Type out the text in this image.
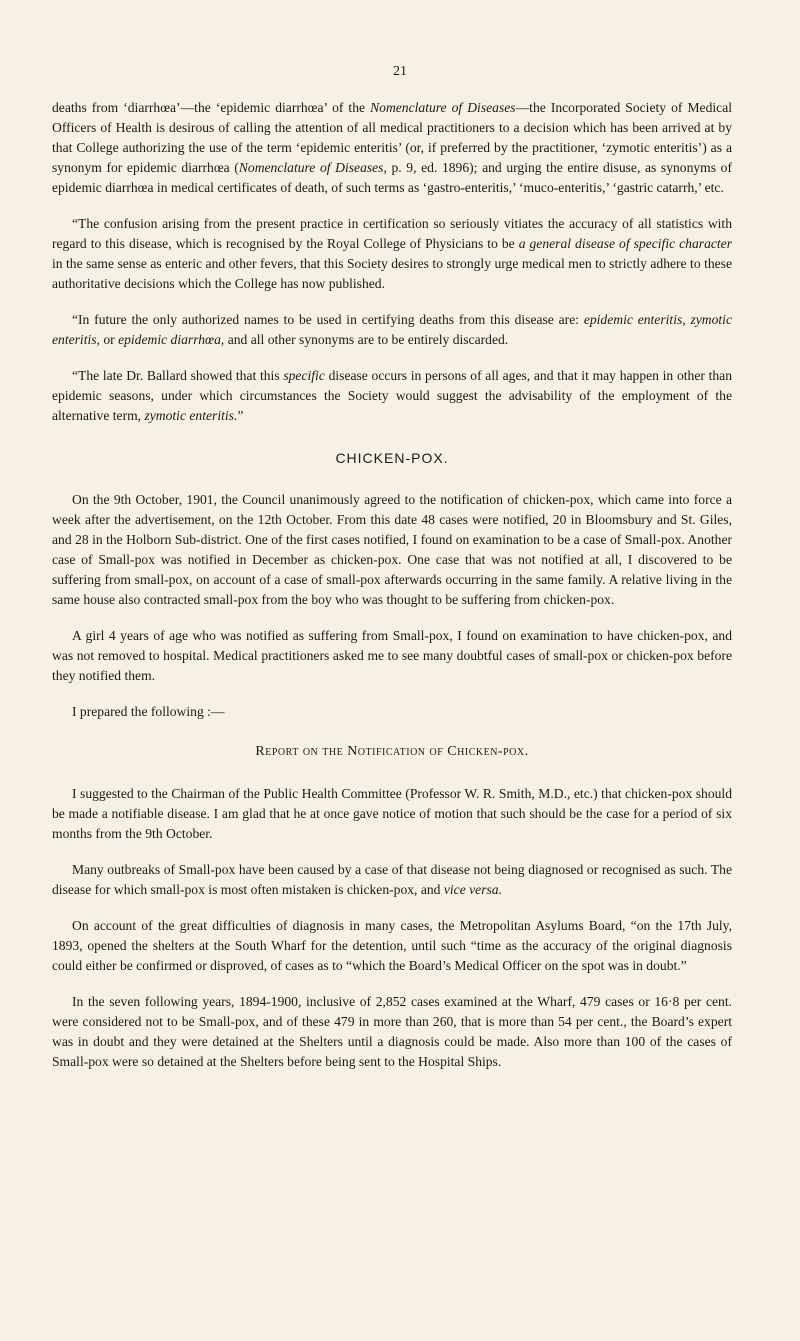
21

deaths from ‘diarrhœa’—the ‘epidemic diarrhœa’ of the Nomenclature of Diseases—the Incorporated Society of Medical Officers of Health is desirous of calling the attention of all medical practitioners to a decision which has been arrived at by that College authorizing the use of the term ‘epidemic enteritis’ (or, if preferred by the practitioner, ‘zymotic enteritis’) as a synonym for epidemic diarrhœa (Nomenclature of Diseases, p. 9, ed. 1896); and urging the entire disuse, as synonyms of epidemic diarrhœa in medical certificates of death, of such terms as ‘gastro-enteritis,’ ‘muco-enteritis,’ ‘gastric catarrh,’ etc.

“The confusion arising from the present practice in certification so seriously vitiates the accuracy of all statistics with regard to this disease, which is recognised by the Royal College of Physicians to be a general disease of specific character in the same sense as enteric and other fevers, that this Society desires to strongly urge medical men to strictly adhere to these authoritative decisions which the College has now published.

“In future the only authorized names to be used in certifying deaths from this disease are: epidemic enteritis, zymotic enteritis, or epidemic diarrhœa, and all other synonyms are to be entirely discarded.

“The late Dr. Ballard showed that this specific disease occurs in persons of all ages, and that it may happen in other than epidemic seasons, under which circumstances the Society would suggest the advisability of the employment of the alternative term, zymotic enteritis.”

CHICKEN-POX.

On the 9th October, 1901, the Council unanimously agreed to the notification of chicken-pox, which came into force a week after the advertisement, on the 12th October. From this date 48 cases were notified, 20 in Bloomsbury and St. Giles, and 28 in the Holborn Sub-district. One of the first cases notified, I found on examination to be a case of Small-pox. Another case of Small-pox was notified in December as chicken-pox. One case that was not notified at all, I discovered to be suffering from small-pox, on account of a case of small-pox afterwards occurring in the same family. A relative living in the same house also contracted small-pox from the boy who was thought to be suffering from chicken-pox.

A girl 4 years of age who was notified as suffering from Small-pox, I found on examination to have chicken-pox, and was not removed to hospital. Medical practitioners asked me to see many doubtful cases of small-pox or chicken-pox before they notified them.

I prepared the following :—

Report on the Notification of Chicken-pox.

I suggested to the Chairman of the Public Health Committee (Professor W. R. Smith, M.D., etc.) that chicken-pox should be made a notifiable disease. I am glad that he at once gave notice of motion that such should be the case for a period of six months from the 9th October.

Many outbreaks of Small-pox have been caused by a case of that disease not being diagnosed or recognised as such. The disease for which small-pox is most often mistaken is chicken-pox, and vice versa.

On account of the great difficulties of diagnosis in many cases, the Metropolitan Asylums Board, “on the 17th July, 1893, opened the shelters at the South Wharf for the detention, until such “time as the accuracy of the original diagnosis could either be confirmed or disproved, of cases as to “which the Board’s Medical Officer on the spot was in doubt.”

In the seven following years, 1894-1900, inclusive of 2,852 cases examined at the Wharf, 479 cases or 16·8 per cent. were considered not to be Small-pox, and of these 479 in more than 260, that is more than 54 per cent., the Board’s expert was in doubt and they were detained at the Shelters until a diagnosis could be made. Also more than 100 of the cases of Small-pox were so detained at the Shelters before being sent to the Hospital Ships.
